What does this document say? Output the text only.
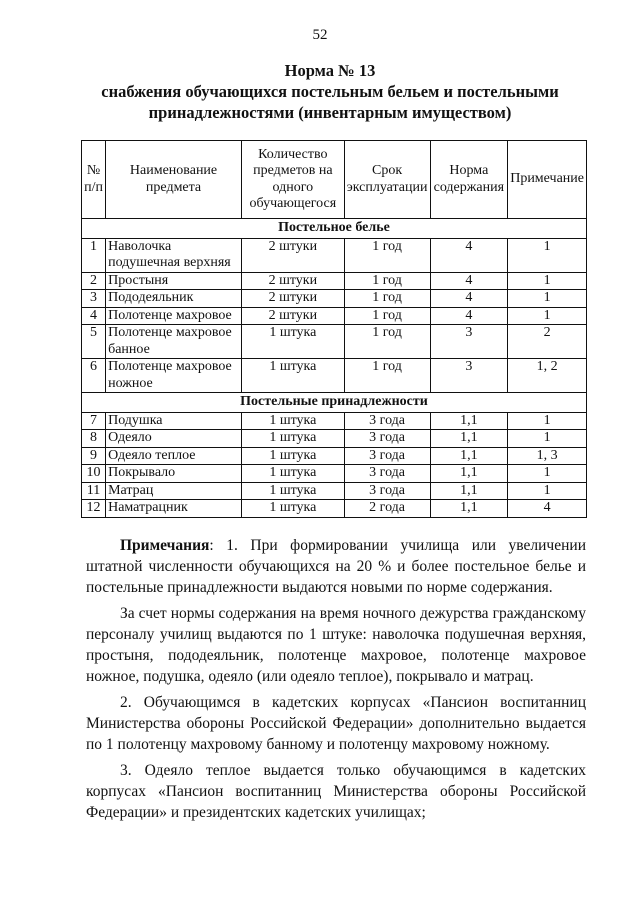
52
Норма № 13
снабжения обучающихся постельным бельем и постельными
принадлежностями (инвентарным имуществом)
№ п/п	Наименование предмета	Количество предметов на одного обучающегося	Срок эксплуатации	Норма содержания	Примечание
Постельное белье					
1	Наволочка подушечная верхняя	2 штуки	1 год	4	1
2	Простыня	2 штуки	1 год	4	1
3	Пододеяльник	2 штуки	1 год	4	1
4	Полотенце махровое	2 штуки	1 год	4	1
5	Полотенце махровое банное	1 штука	1 год	3	2
6	Полотенце махровое ножное	1 штука	1 год	3	1, 2
Постельные принадлежности					
7	Подушка	1 штука	3 года	1,1	1
8	Одеяло	1 штука	3 года	1,1	1
9	Одеяло теплое	1 штука	3 года	1,1	1, 3
10	Покрывало	1 штука	3 года	1,1	1
11	Матрац	1 штука	3 года	1,1	1
12	Наматрацник	1 штука	2 года	1,1	4

Примечания: 1. При формировании училища или увеличении штатной численности обучающихся на 20 % и более постельное белье и постельные принадлежности выдаются новыми по норме содержания.

За счет нормы содержания на время ночного дежурства гражданскому персоналу училищ выдаются по 1 штуке: наволочка подушечная верхняя, простыня, пододеяльник, полотенце махровое, полотенце махровое ножное, подушка, одеяло (или одеяло теплое), покрывало и матрац.

2. Обучающимся в кадетских корпусах «Пансион воспитанниц Министерства обороны Российской Федерации» дополнительно выдается по 1 полотенцу махровому банному и полотенцу махровому ножному.

3. Одеяло теплое выдается только обучающимся в кадетских корпусах «Пансион воспитанниц Министерства обороны Российской Федерации» и президентских кадетских училищах;
